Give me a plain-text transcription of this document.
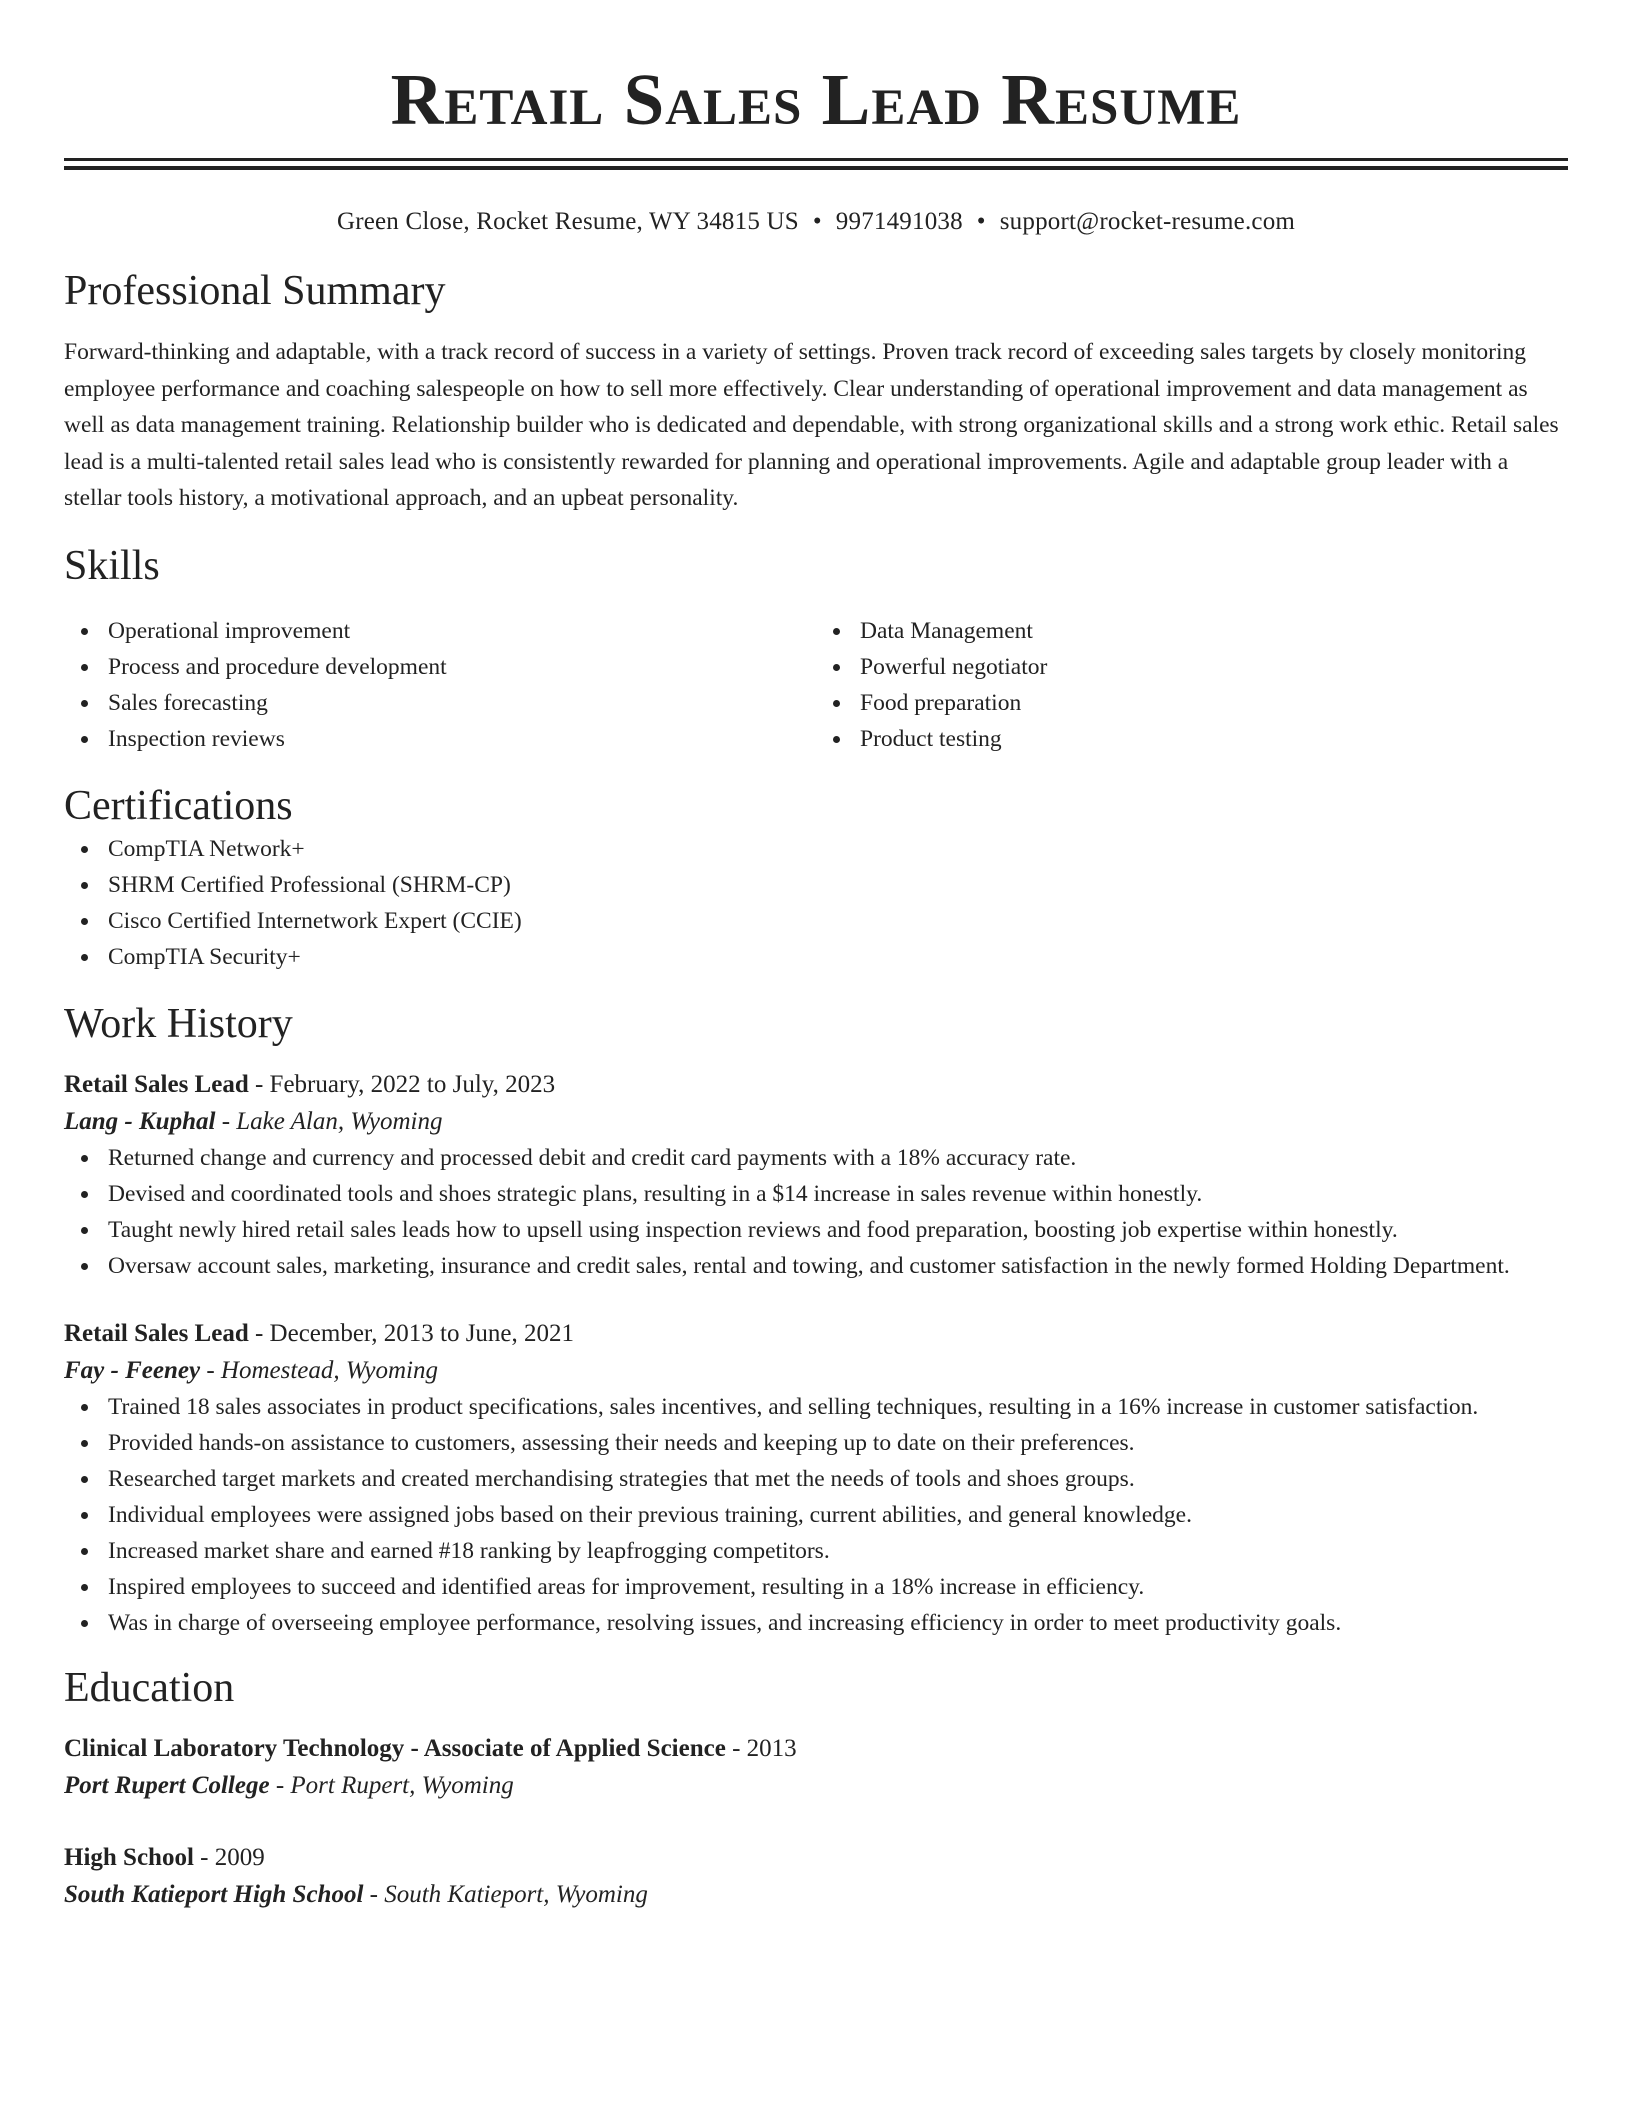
Retail Sales Lead Resume
Green Close, Rocket Resume, WY 34815 US • 9971491038 • support@rocket-resume.com
Professional Summary
Forward-thinking and adaptable, with a track record of success in a variety of settings. Proven track record of exceeding sales targets by closely monitoring employee performance and coaching salespeople on how to sell more effectively. Clear understanding of operational improvement and data management as well as data management training. Relationship builder who is dedicated and dependable, with strong organizational skills and a strong work ethic. Retail sales lead is a multi-talented retail sales lead who is consistently rewarded for planning and operational improvements. Agile and adaptable group leader with a stellar tools history, a motivational approach, and an upbeat personality.
Skills
Operational improvement
Process and procedure development
Sales forecasting
Inspection reviews
Data Management
Powerful negotiator
Food preparation
Product testing
Certifications
CompTIA Network+
SHRM Certified Professional (SHRM-CP)
Cisco Certified Internetwork Expert (CCIE)
CompTIA Security+
Work History
Retail Sales Lead - February, 2022 to July, 2023
Lang - Kuphal - Lake Alan, Wyoming
Returned change and currency and processed debit and credit card payments with a 18% accuracy rate.
Devised and coordinated tools and shoes strategic plans, resulting in a $14 increase in sales revenue within honestly.
Taught newly hired retail sales leads how to upsell using inspection reviews and food preparation, boosting job expertise within honestly.
Oversaw account sales, marketing, insurance and credit sales, rental and towing, and customer satisfaction in the newly formed Holding Department.
Retail Sales Lead - December, 2013 to June, 2021
Fay - Feeney - Homestead, Wyoming
Trained 18 sales associates in product specifications, sales incentives, and selling techniques, resulting in a 16% increase in customer satisfaction.
Provided hands-on assistance to customers, assessing their needs and keeping up to date on their preferences.
Researched target markets and created merchandising strategies that met the needs of tools and shoes groups.
Individual employees were assigned jobs based on their previous training, current abilities, and general knowledge.
Increased market share and earned #18 ranking by leapfrogging competitors.
Inspired employees to succeed and identified areas for improvement, resulting in a 18% increase in efficiency.
Was in charge of overseeing employee performance, resolving issues, and increasing efficiency in order to meet productivity goals.
Education
Clinical Laboratory Technology - Associate of Applied Science - 2013
Port Rupert College - Port Rupert, Wyoming
High School - 2009
South Katieport High School - South Katieport, Wyoming
